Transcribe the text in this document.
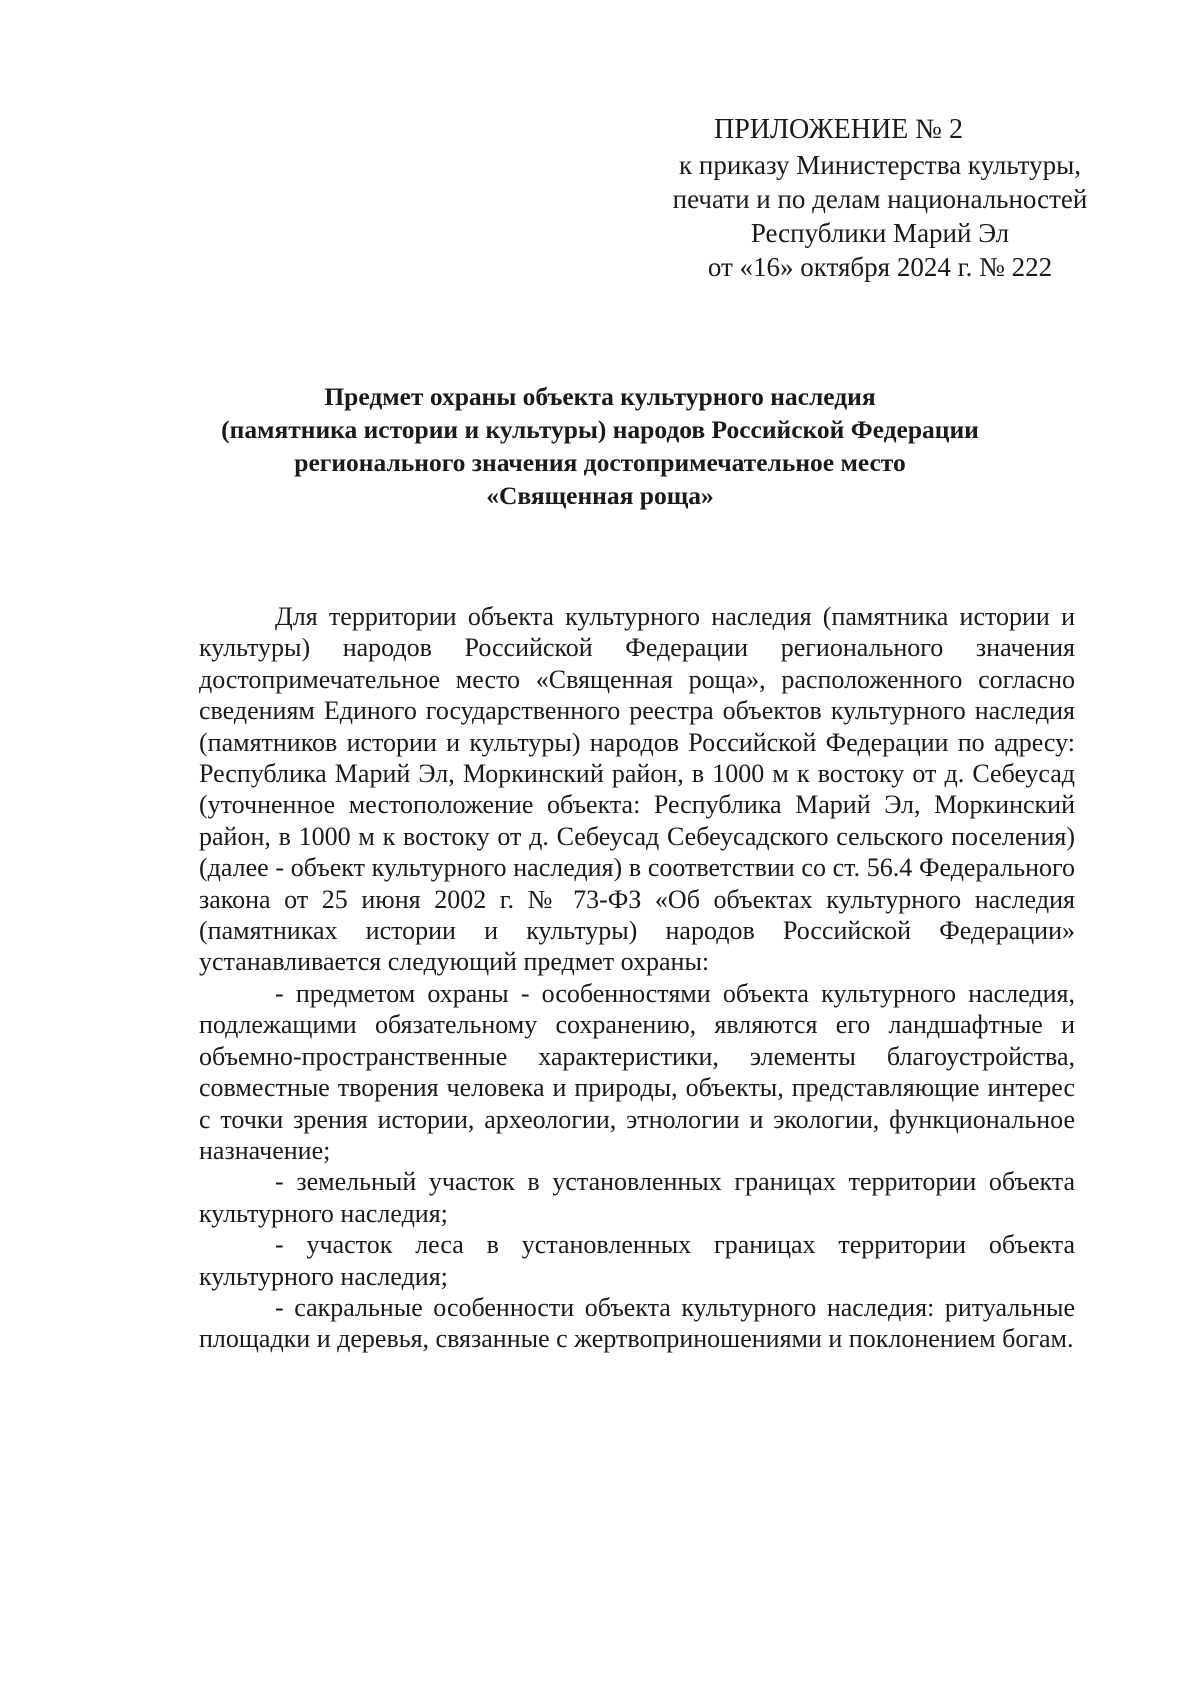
ПРИЛОЖЕНИЕ № 2
к приказу Министерства культуры,
печати и по делам национальностей
Республики Марий Эл
от «16» октября 2024 г. № 222
Предмет охраны объекта культурного наследия
(памятника истории и культуры) народов Российской Федерации
регионального значения достопримечательное место
«Священная роща»

Для территории объекта культурного наследия (памятника истории и культуры) народов Российской Федерации регионального значения достопримечательное место «Священная роща», расположенного согласно сведениям Единого государственного реестра объектов культурного наследия (памятников истории и культуры) народов Российской Федерации по адресу: Республика Марий Эл, Моркинский район, в 1000 м к востоку от д. Себеусад (уточненное местоположение объекта: Республика Марий Эл, Моркинский район, в 1000 м к востоку от д. Себеусад Себеусадского сельского поселения) (далее - объект культурного наследия) в соответствии со ст. 56.4 Федерального закона от 25 июня 2002 г. № 73-ФЗ «Об объектах культурного наследия (памятниках истории и культуры) народов Российской Федерации» устанавливается следующий предмет охраны:

- предметом охраны - особенностями объекта культурного наследия, подлежащими обязательному сохранению, являются его ландшафтные и объемно-пространственные характеристики, элементы благоустройства, совместные творения человека и природы, объекты, представляющие интерес с точки зрения истории, археологии, этнологии и экологии, функциональное назначение;

- земельный участок в установленных границах территории объекта культурного наследия;

- участок леса в установленных границах территории объекта культурного наследия;

- сакральные особенности объекта культурного наследия: ритуальные площадки и деревья, связанные с жертвоприношениями и поклонением богам.
